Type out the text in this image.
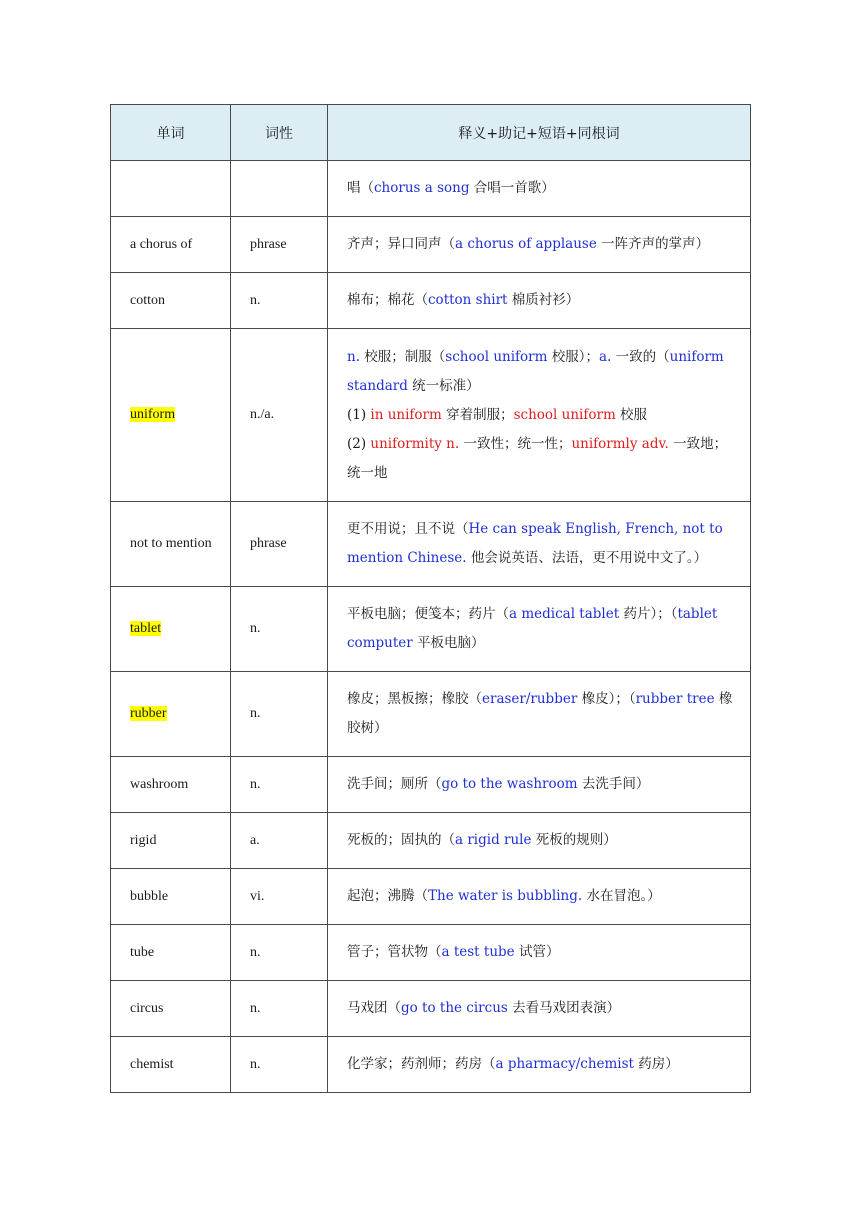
单词	词性	释义+助记+短语+同根词
		唱（chorus a song 合唱一首歌）
a chorus of	phrase	齐声；异口同声（a chorus of applause 一阵齐声的掌声）
cotton	n.	棉布；棉花（cotton shirt 棉质衬衫）
uniform	n./a.	n. 校服；制服（school uniform 校服）；a. 一致的（uniform standard 统一标准）
(1) in uniform 穿着制服；school uniform 校服
(2) uniformity n. 一致性；统一性；uniformly adv. 一致地；统一地

not to mention	phrase	更不用说；且不说（He can speak English, French, not to mention Chinese. 他会说英语、法语，更不用说中文了。）
tablet	n.	平板电脑；便笺本；药片（a medical tablet 药片）；（tablet computer 平板电脑）
rubber	n.	橡皮；黑板擦；橡胶（eraser/rubber 橡皮）；（rubber tree 橡胶树）
washroom	n.	洗手间；厕所（go to the washroom 去洗手间）
rigid	a.	死板的；固执的（a rigid rule 死板的规则）
bubble	vi.	起泡；沸腾（The water is bubbling. 水在冒泡。）
tube	n.	管子；管状物（a test tube 试管）
circus	n.	马戏团（go to the circus 去看马戏团表演）
chemist	n.	化学家；药剂师；药房（a pharmacy/chemist 药房）
